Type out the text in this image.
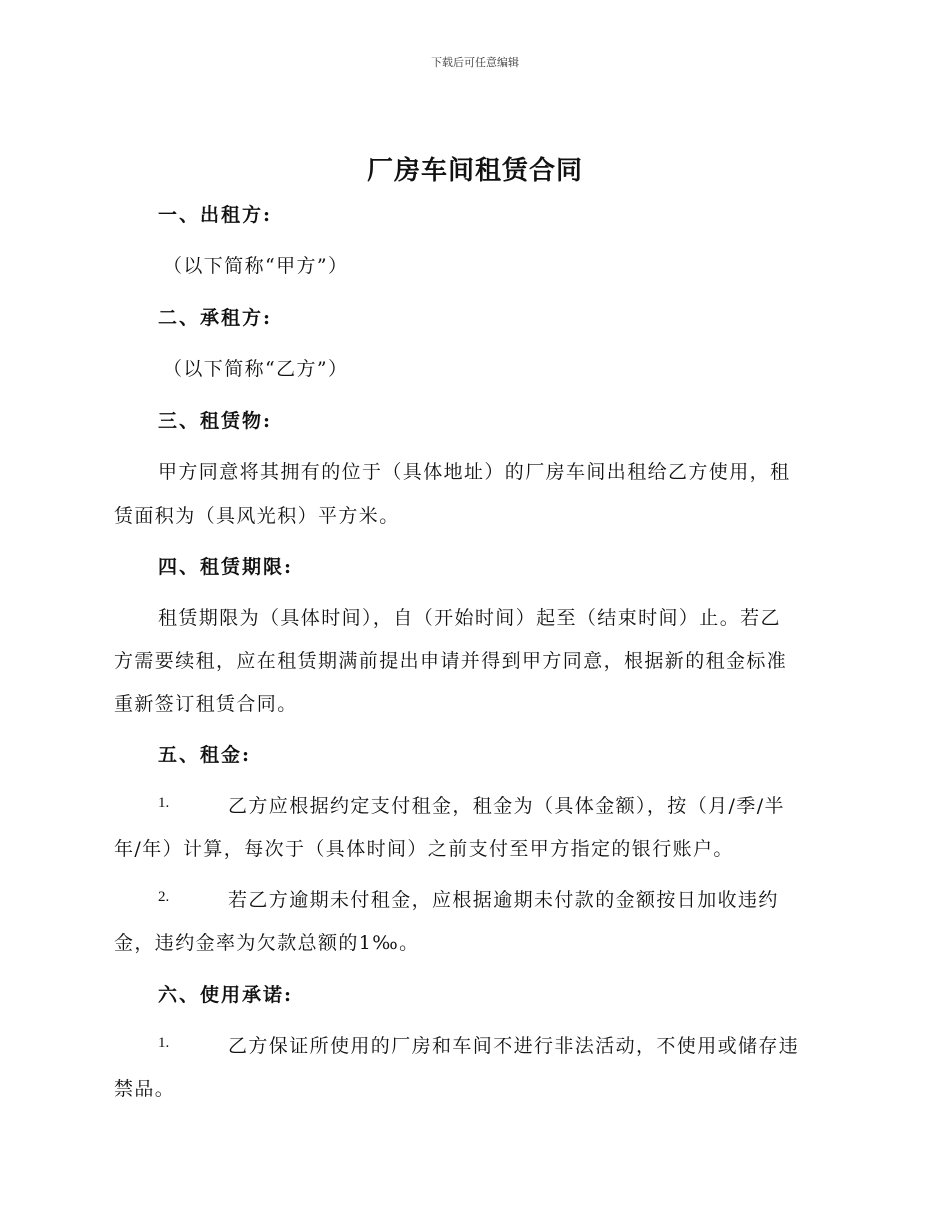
下载后可任意编辑
厂房车间租赁合同
一、出租方:
（以下简称“甲方”）
二、承租方:
（以下简称“乙方”）
三、租赁物:
甲方同意将其拥有的位于（具体地址）的厂房车间出租给乙方使用，租
赁面积为（具风光积）平方米。
四、租赁期限:
租赁期限为（具体时间），自（开始时间）起至（结束时间）止。若乙
方需要续租，应在租赁期满前提出申请并得到甲方同意，根据新的租金标准
重新签订租赁合同。
五、租金:
1.	乙方应根据约定支付租金，租金为（具体金额），按（月/季/半
年/年）计算，每次于（具体时间）之前支付至甲方指定的银行账户。
2.	若乙方逾期未付租金，应根据逾期未付款的金额按日加收违约
金，违约金率为欠款总额的1‰。
六、使用承诺:
1.	乙方保证所使用的厂房和车间不进行非法活动，不使用或储存违
禁品。
